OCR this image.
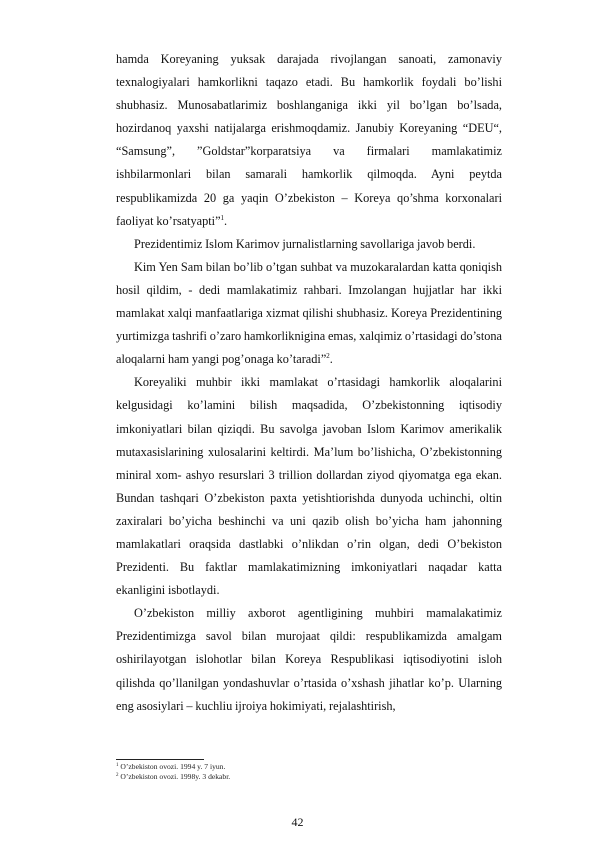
hamda Koreyaning yuksak darajada rivojlangan sanoati, zamonaviy texnalogiyalari hamkorlikni taqazo etadi. Bu hamkorlik foydali bo’lishi shubhasiz. Munosabatlarimiz boshlanganiga ikki yil bo’lgan bo’lsada, hozirdanoq yaxshi natijalarga erishmoqdamiz. Janubiy Koreyaning “DEU“, “Samsung”, ”Goldstar”korparatsiya va firmalari mamlakatimiz ishbilarmonlari bilan samarali hamkorlik qilmoqda. Ayni peytda respublikamizda 20 ga yaqin O’zbekiston – Koreya qo’shma korxonalari faoliyat ko’rsatyapti”$^1$.

Prezidentimiz Islom Karimov jurnalistlarning savollariga javob berdi.

Kim Yen Sam bilan bo’lib o’tgan suhbat va muzokaralardan katta qoniqish hosil qildim, - dedi mamlakatimiz rahbari. Imzolangan hujjatlar har ikki mamlakat xalqi manfaatlariga xizmat qilishi shubhasiz. Koreya Prezidentining yurtimizga tashrifi o’zaro hamkorliknigina emas, xalqimiz o’rtasidagi do’stona aloqalarni ham yangi pog’onaga ko’taradi”$^2$.

Koreyaliki muhbir ikki mamlakat o’rtasidagi hamkorlik aloqalarini kelgusidagi ko’lamini bilish maqsadida, O’zbekistonning iqtisodiy imkoniyatlari bilan qiziqdi. Bu savolga javoban Islom Karimov amerikalik mutaxasislarining xulosalarini keltirdi. Ma’lum bo’lishicha, O’zbekistonning miniral xom- ashyo resurslari 3 trillion dollardan ziyod qiyomatga ega ekan. Bundan tashqari O’zbekiston paxta yetishtiorishda dunyoda uchinchi, oltin zaxiralari bo’yicha beshinchi va uni qazib olish bo’yicha ham jahonning mamlakatlari oraqsida dastlabki o’nlikdan o’rin olgan, dedi O’bekiston Prezidenti. Bu faktlar mamlakatimizning imkoniyatlari naqadar katta ekanligini isbotlaydi.

O’zbekiston milliy axborot agentligining muhbiri mamalakatimiz Prezidentimizga savol bilan murojaat qildi: respublikamizda amalgam oshirilayotgan islohotlar bilan Koreya Respublikasi iqtisodiyotini isloh qilishda qo’llanilgan yondashuvlar o’rtasida o’xshash jihatlar ko’p. Ularning eng asosiylari – kuchliu ijroiya hokimiyati, rejalashtirish,

$^1$ O’zbekiston ovozi. 1994 y. 7 iyun.

$^2$ O’zbekiston ovozi. 1998y. 3 dekabr.

42
